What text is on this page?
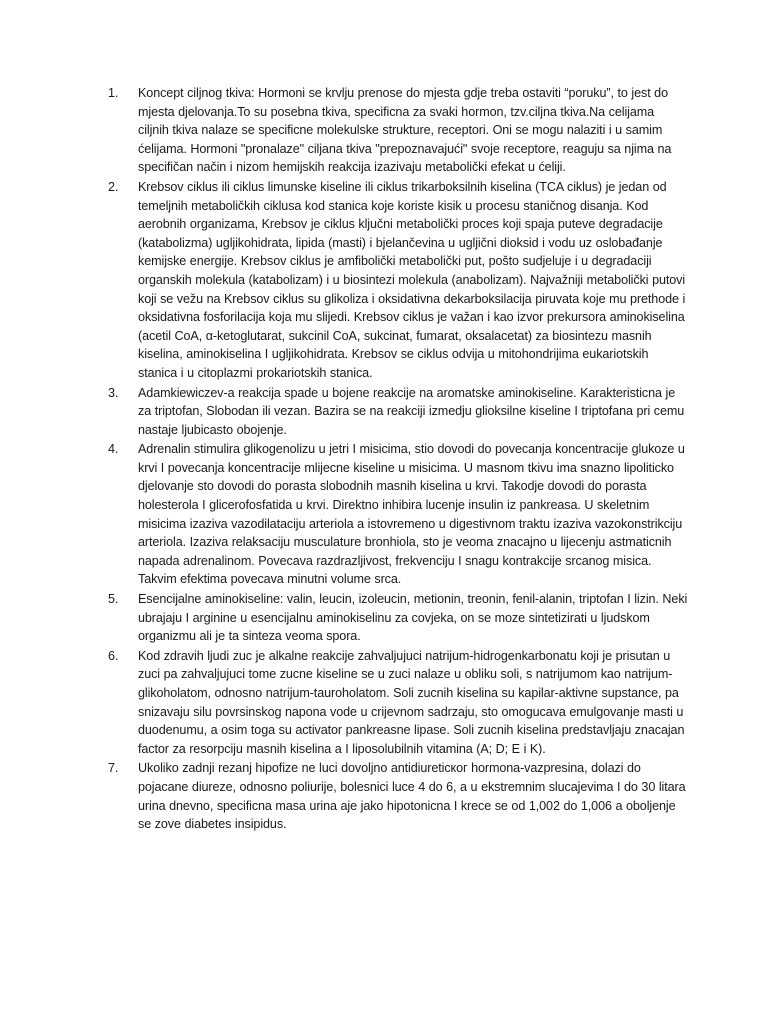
1.	Koncept ciljnog tkiva: Hormoni se krvlju prenose do mjesta gdje treba ostaviti “poruku”, to jest do mjesta djelovanja.To su posebna tkiva, specificna za svaki hormon, tzv.ciljna tkiva.Na celijama ciljnih tkiva nalaze se specificne molekulske strukture, receptori. Oni se mogu nalaziti i u samim ćelijama. Hormoni "pronalaze" ciljana tkiva "prepoznavajući" svoje receptore, reaguju sa njima na specifičan način i nizom hemijskih reakcija izazivaju metabolički efekat u ćeliji.
2.	Krebsov ciklus ili ciklus limunske kiseline ili ciklus trikarboksilnih kiselina (TCA ciklus) je jedan od temeljnih metaboličkih ciklusa kod stanica koje koriste kisik u procesu staničnog disanja. Kod aerobnih organizama, Krebsov je ciklus ključni metabolički proces koji spaja puteve degradacije (katabolizma) ugljikohidrata, lipida (masti) i bjelančevina u ugljični dioksid i vodu uz oslobađanje kemijske energije. Krebsov ciklus je amfibolički metabolički put, pošto sudjeluje i u degradaciji organskih molekula (katabolizam) i u biosintezi molekula (anabolizam). Najvažniji metabolički putovi koji se vežu na Krebsov ciklus su glikoliza i oksidativna dekarboksilacija piruvata koje mu prethode i oksidativna fosforilacija koja mu slijedi. Krebsov ciklus je važan i kao izvor prekursora aminokiselina (acetil CoA, α-ketoglutarat, sukcinil CoA, sukcinat, fumarat, oksalacetat) za biosintezu masnih kiselina, aminokiselina I ugljikohidrata. Krebsov se ciklus odvija u mitohondrijima eukariotskih stanica i u citoplazmi prokariotskih stanica.
3.	Adamkiewiczev-a reakcija spade u bojene reakcije na aromatske aminokiseline. Karakteristicna je za triptofan, Slobodan ili vezan. Bazira se na reakciji izmedju glioksilne kiseline I triptofana pri cemu nastaje ljubicasto obojenje.
4.	Adrenalin stimulira glikogenolizu u jetri I misicima, stio dovodi do povecanja koncentracije glukoze u krvi I povecanja koncentracije mlijecne kiseline u misicima. U masnom tkivu ima snazno lipoliticko djelovanje sto dovodi do porasta slobodnih masnih kiselina u krvi. Takodje dovodi do porasta holesterola I glicerofosfatida u krvi. Direktno inhibira lucenje insulin iz pankreasa. U skeletnim misicima izaziva vazodilataciju arteriola a istovremeno u digestivnom traktu izaziva vazokonstrikciju arteriola. Izaziva relaksaciju musculature bronhiola, sto je veoma znacajno u lijecenju astmaticnih napada adrenalinom. Povecava razdrazljivost, frekvenciju I snagu kontrakcije srcanog misica. Takvim efektima povecava minutni volume srca.
5.	Esencijalne aminokiseline: valin, leucin, izoleucin, metionin, treonin, fenil-alanin, triptofan I lizin. Neki ubrajaju I arginine u esencijalnu aminokiselinu za covjeka, on se moze sintetizirati u ljudskom organizmu ali je ta sinteza veoma spora.
6.	Kod zdravih ljudi zuc je alkalne reakcije zahvaljujuci natrijum-hidrogenkarbonatu koji je prisutan u zuci pa zahvaljujuci tome zucne kiseline se u zuci nalaze u obliku soli, s natrijumom kao natrijum-glikoholatom, odnosno natrijum-tauroholatom. Soli zucnih kiselina su kapilar-aktivne supstance, pa snizavaju silu povrsinskog napona vode u crijevnom sadrzaju, sto omogucava emulgovanje masti u duodenumu, a osim toga su activator pankreasne lipase. Soli zucnih kiselina predstavljaju znacajan factor za resorpciju masnih kiselina a I liposolubilnih vitamina (A; D; E i K).
7.	Ukoliko zadnji rezanj hipofize ne luci dovoljno antidiureticког hormona-vazpresina, dolazi do pojacane diureze, odnosno poliurije, bolesnici luce 4 do 6, a u ekstremnim slucajevima I do 30 litara urina dnevno, specificna masa urina aje jako hipotonicna I krece se od 1,002 do 1,006 a oboljenje se zove diabetes insipidus.
